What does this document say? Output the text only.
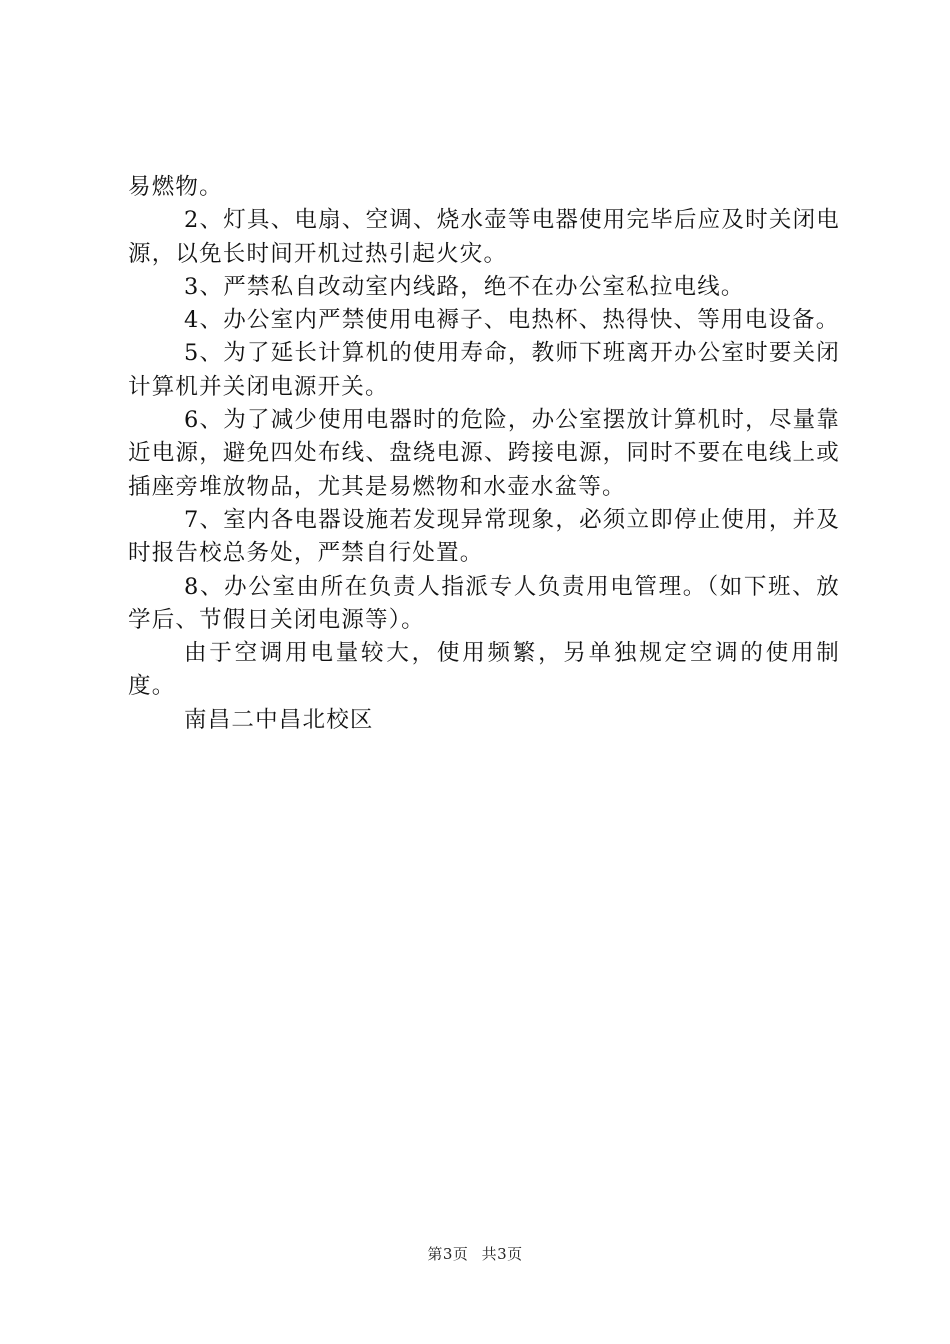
易燃物。

2、灯具、电扇、空调、烧水壶等电器使用完毕后应及时关闭电源，以免长时间开机过热引起火灾。

3、严禁私自改动室内线路，绝不在办公室私拉电线。

4、办公室内严禁使用电褥子、电热杯、热得快、等用电设备。

5、为了延长计算机的使用寿命，教师下班离开办公室时要关闭计算机并关闭电源开关。

6、为了减少使用电器时的危险，办公室摆放计算机时，尽量靠近电源，避免四处布线、盘绕电源、跨接电源，同时不要在电线上或插座旁堆放物品，尤其是易燃物和水壶水盆等。

7、室内各电器设施若发现异常现象，必须立即停止使用，并及时报告校总务处，严禁自行处置。

8、办公室由所在负责人指派专人负责用电管理。（如下班、放学后、节假日关闭电源等）。

由于空调用电量较大，使用频繁，另单独规定空调的使用制度。

南昌二中昌北校区

第3页 共3页
